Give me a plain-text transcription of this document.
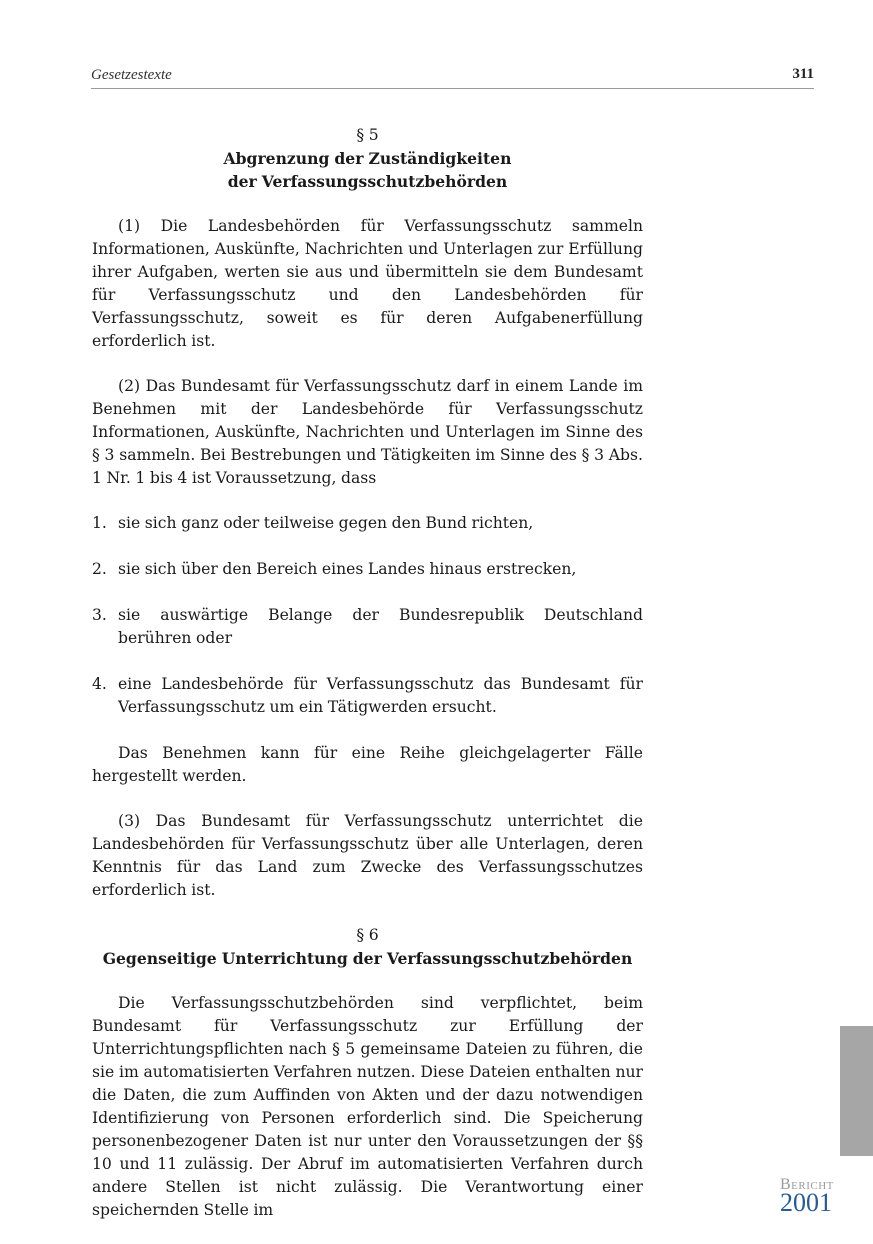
Gesetzestexte	311
§ 5
Abgrenzung der Zuständigkeiten
der Verfassungsschutzbehörden

(1) Die Landesbehörden für Verfassungsschutz sammeln Informationen, Auskünfte, Nachrichten und Unterlagen zur Erfüllung ihrer Aufgaben, werten sie aus und übermitteln sie dem Bundesamt für Verfassungsschutz und den Landesbehörden für Verfassungsschutz, soweit es für deren Aufgabenerfüllung erforderlich ist.

(2) Das Bundesamt für Verfassungsschutz darf in einem Lande im Benehmen mit der Landesbehörde für Verfassungsschutz Informationen, Auskünfte, Nachrichten und Unterlagen im Sinne des § 3 sammeln. Bei Bestrebungen und Tätigkeiten im Sinne des § 3 Abs. 1 Nr. 1 bis 4 ist Voraussetzung, dass

1. sie sich ganz oder teilweise gegen den Bund richten,
2. sie sich über den Bereich eines Landes hinaus erstrecken,
3. sie auswärtige Belange der Bundesrepublik Deutschland berühren oder
4. eine Landesbehörde für Verfassungsschutz das Bundesamt für Verfassungsschutz um ein Tätigwerden ersucht.

Das Benehmen kann für eine Reihe gleichgelagerter Fälle hergestellt werden.

(3) Das Bundesamt für Verfassungsschutz unterrichtet die Landesbehörden für Verfassungsschutz über alle Unterlagen, deren Kenntnis für das Land zum Zwecke des Verfassungsschutzes erforderlich ist.

§ 6
Gegenseitige Unterrichtung der Verfassungsschutzbehörden

Die Verfassungsschutzbehörden sind verpflichtet, beim Bundesamt für Verfassungsschutz zur Erfüllung der Unterrichtungspflichten nach § 5 gemeinsame Dateien zu führen, die sie im automatisierten Verfahren nutzen. Diese Dateien enthalten nur die Daten, die zum Auffinden von Akten und der dazu notwendigen Identifizierung von Personen erforderlich sind. Die Speicherung personenbezogener Daten ist nur unter den Voraussetzungen der §§ 10 und 11 zulässig. Der Abruf im automatisierten Verfahren durch andere Stellen ist nicht zulässig. Die Verantwortung einer speichernden Stelle im

Bericht
2001
